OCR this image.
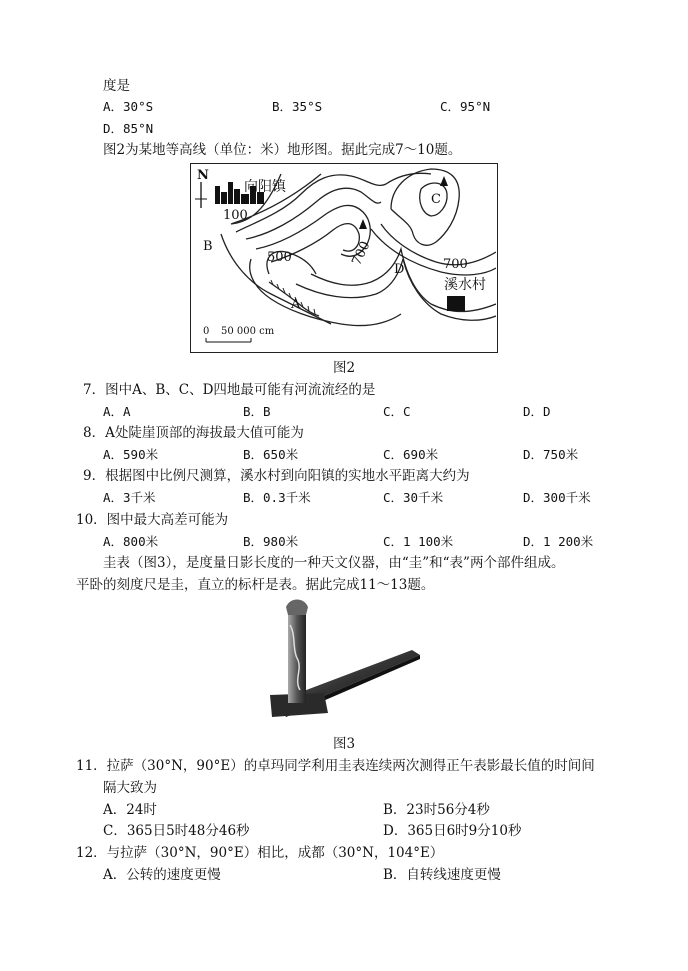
度是
A．30°S	B．35°S	C．95°N
D．85°N
图2为某地等高线（单位：米）地形图。据此完成7～10题。
N
向阳镇
100
B
500	700
A
D
C
700
溪水村
0 50 000 cm
图2
7．图中A、B、C、D四地最可能有河流流经的是
A．A	B．B	C．C	D．D
8．A处陡崖顶部的海拔最大值可能为
A．590米	B．650米	C．690米	D．750米
9．根据图中比例尺测算，溪水村到向阳镇的实地水平距离大约为
A．3千米	B．0.3千米	C．30千米	D．300千米
10．图中最大高差可能为
A．800米	B．980米	C．1 100米	D．1 200米
圭表（图3），是度量日影长度的一种天文仪器，由“圭”和“表”两个部件组成。
平卧的刻度尺是圭，直立的标杆是表。据此完成11～13题。
图3
11．拉萨（30°N，90°E）的卓玛同学利用圭表连续两次测得正午表影最长值的时间间
隔大致为
A．24时	B．23时56分4秒
C．365日5时48分46秒	D．365日6时9分10秒
12．与拉萨（30°N，90°E）相比，成都（30°N，104°E）
A．公转的速度更慢	B．自转线速度更慢
